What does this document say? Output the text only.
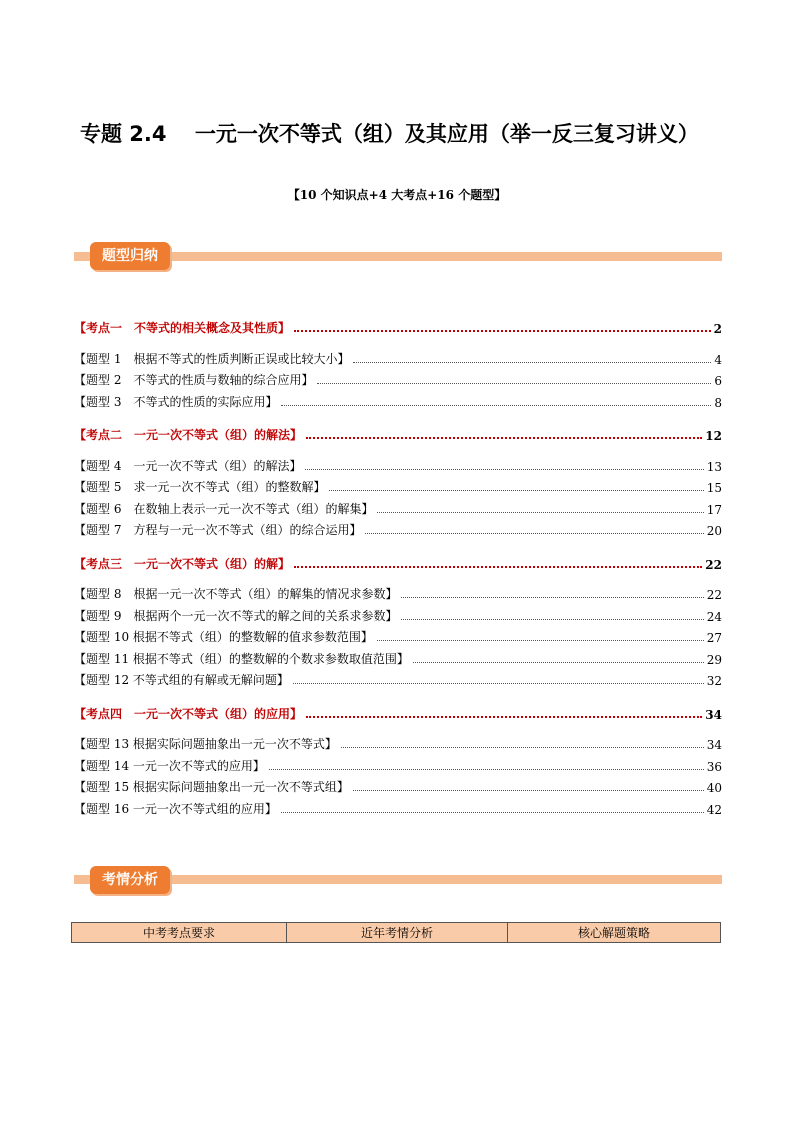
专题 2.4　 一元一次不等式（组）及其应用（举一反三复习讲义）
【10 个知识点+4 大考点+16 个题型】
题型归纳
【考点一　不等式的相关概念及其性质】	2
【题型 1　根据不等式的性质判断正误或比较大小】	4
【题型 2　不等式的性质与数轴的综合应用】	6
【题型 3　不等式的性质的实际应用】	8
【考点二　一元一次不等式（组）的解法】	12
【题型 4　一元一次不等式（组）的解法】	13
【题型 5　求一元一次不等式（组）的整数解】	15
【题型 6　在数轴上表示一元一次不等式（组）的解集】	17
【题型 7　方程与一元一次不等式（组）的综合运用】	20
【考点三　一元一次不等式（组）的解】	22
【题型 8　根据一元一次不等式（组）的解集的情况求参数】	22
【题型 9　根据两个一元一次不等式的解之间的关系求参数】	24
【题型 10 根据不等式（组）的整数解的值求参数范围】	27
【题型 11 根据不等式（组）的整数解的个数求参数取值范围】	29
【题型 12 不等式组的有解或无解问题】	32
【考点四　一元一次不等式（组）的应用】	34
【题型 13 根据实际问题抽象出一元一次不等式】	34
【题型 14 一元一次不等式的应用】	36
【题型 15 根据实际问题抽象出一元一次不等式组】	40
【题型 16 一元一次不等式组的应用】	42
考情分析
中考考点要求	近年考情分析	核心解题策略
